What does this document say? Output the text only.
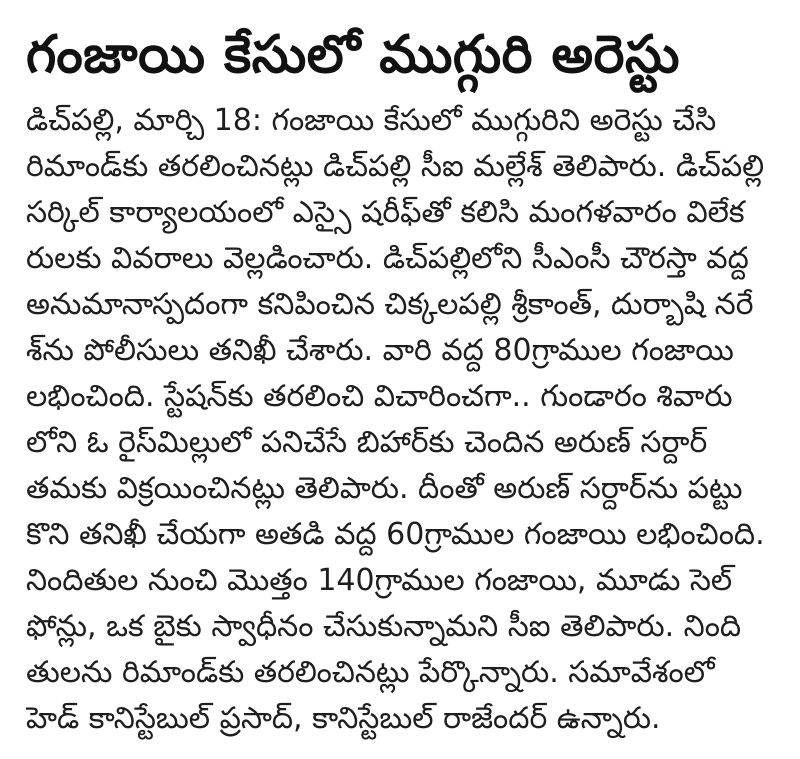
గంజాయి కేసులో ముగ్గురి అరెస్టు
డిచ్‌పల్లి, మార్చి 18: గంజాయి కేసులో ముగ్గురిని అరెస్టు చేసి
రిమాండ్‌కు తరలించినట్లు డిచ్‌పల్లి సీఐ మల్లేశ్ తెలిపారు. డిచ్‌పల్లి
సర్కిల్ కార్యాలయంలో ఎస్సై షరీఫ్‌తో కలిసి మంగళవారం విలేక
రులకు వివరాలు వెల్లడించారు. డిచ్‌పల్లిలోని సీఎంసీ చౌరస్తా వద్ద
అనుమానాస్పదంగా కనిపించిన చిక్కలపల్లి శ్రీకాంత్, దుర్బాషి నరే
శ్‌ను పోలీసులు తనిఖీ చేశారు. వారి వద్ద 80గ్రాముల గంజాయి
లభించింది. స్టేషన్‌కు తరలించి విచారించగా.. గుండారం శివారు
లోని ఓ రైస్‌మిల్లులో పనిచేసే బిహార్‌కు చెందిన అరుణ్ సర్దార్
తమకు విక్రయించినట్లు తెలిపారు. దీంతో అరుణ్ సర్దార్‌ను పట్టు
కొని తనిఖీ చేయగా అతడి వద్ద 60గ్రాముల గంజాయి లభించింది.
నిందితుల నుంచి మొత్తం 140గ్రాముల గంజాయి, మూడు సెల్
ఫోన్లు, ఒక బైకు స్వాధీనం చేసుకున్నామని సీఐ తెలిపారు. నింది
తులను రిమాండ్‌కు తరలించినట్లు పేర్కొన్నారు. సమావేశంలో
హెడ్ కానిస్టేబుల్ ప్రసాద్, కానిస్టేబుల్ రాజేందర్ ఉన్నారు.
